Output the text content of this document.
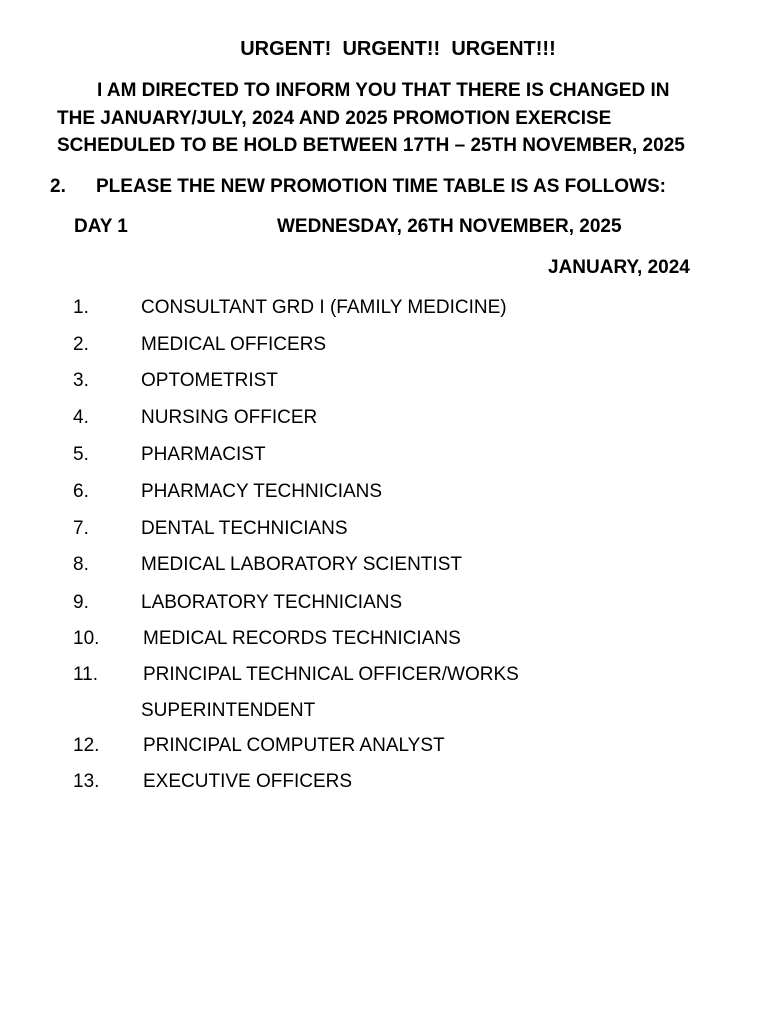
URGENT!  URGENT!!  URGENT!!!
I AM DIRECTED TO INFORM YOU THAT THERE IS CHANGED IN
THE JANUARY/JULY, 2024 AND 2025 PROMOTION EXERCISE
SCHEDULED TO BE HOLD BETWEEN 17TH – 25TH NOVEMBER, 2025
2. PLEASE THE NEW PROMOTION TIME TABLE IS AS FOLLOWS:
DAY 1	WEDNESDAY, 26TH NOVEMBER, 2025
JANUARY, 2024
1.	CONSULTANT GRD I (FAMILY MEDICINE)
2.	MEDICAL OFFICERS
3.	OPTOMETRIST
4.	NURSING OFFICER
5.	PHARMACIST
6.	PHARMACY TECHNICIANS
7.	DENTAL TECHNICIANS
8.	MEDICAL LABORATORY SCIENTIST
9.	LABORATORY TECHNICIANS
10. MEDICAL RECORDS TECHNICIANS
11. PRINCIPAL TECHNICAL OFFICER/WORKS
SUPERINTENDENT
12. PRINCIPAL COMPUTER ANALYST
13. EXECUTIVE OFFICERS
